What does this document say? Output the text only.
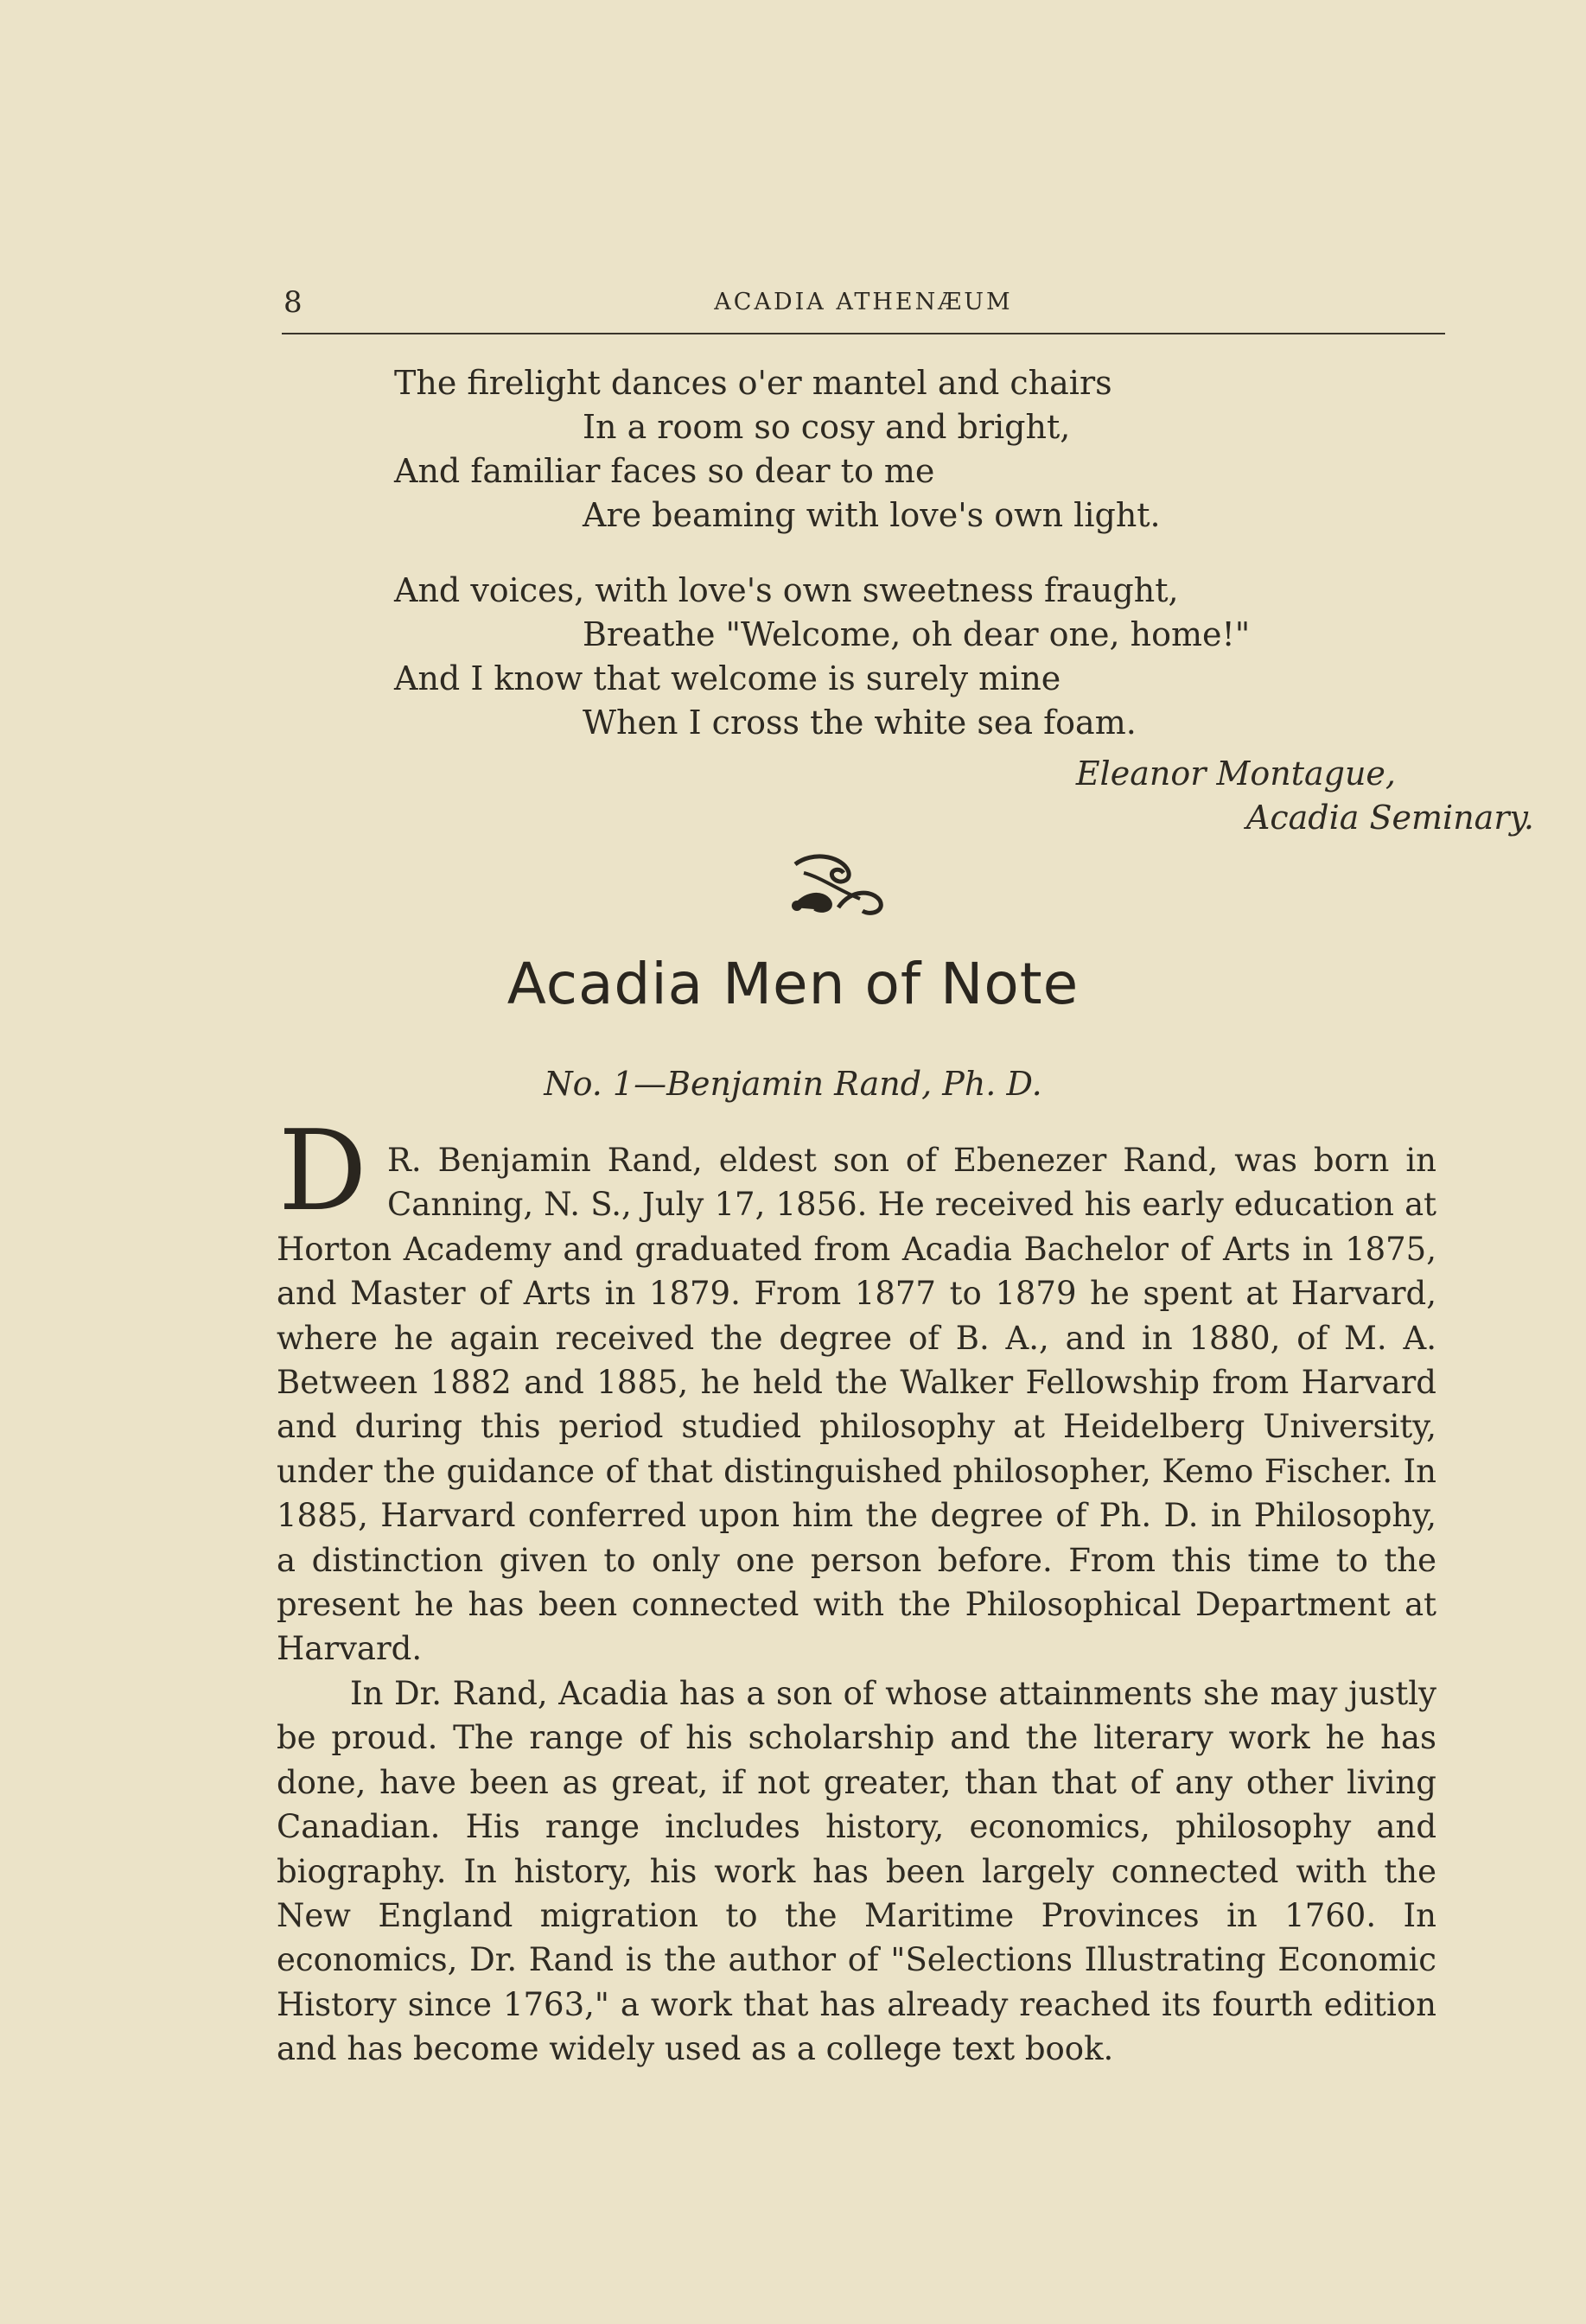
8	ACADIA ATHENÆUM
The firelight dances o'er mantel and chairs
In a room so cosy and bright,
And familiar faces so dear to me
Are beaming with love's own light.
And voices, with love's own sweetness fraught,
Breathe "Welcome, oh dear one, home!"
And I know that welcome is surely mine
When I cross the white sea foam.
Eleanor Montague,
Acadia Seminary.
Acadia Men of Note
No. 1—Benjamin Rand, Ph. D.
D R. Benjamin Rand, eldest son of Ebenezer Rand, was born in Canning, N. S., July 17, 1856. He received his early education at Horton Academy and graduated from Acadia Bachelor of Arts in 1875, and Master of Arts in 1879. From 1877 to 1879 he spent at Harvard, where he again received the degree of B. A., and in 1880, of M. A. Between 1882 and 1885, he held the Walker Fellowship from Harvard and during this period studied philosophy at Heidelberg University, under the guidance of that distinguished philosopher, Kemo Fischer. In 1885, Harvard conferred upon him the degree of Ph. D. in Philosophy, a distinction given to only one person before. From this time to the present he has been connected with the Philosophical Department at Harvard.

In Dr. Rand, Acadia has a son of whose attainments she may justly be proud. The range of his scholarship and the literary work he has done, have been as great, if not greater, than that of any other living Canadian. His range includes history, economics, philosophy and biography. In history, his work has been largely connected with the New England migration to the Maritime Provinces in 1760. In economics, Dr. Rand is the author of "Selections Illustrating Economic History since 1763," a work that has already reached its fourth edition and has become widely used as a college text book.
